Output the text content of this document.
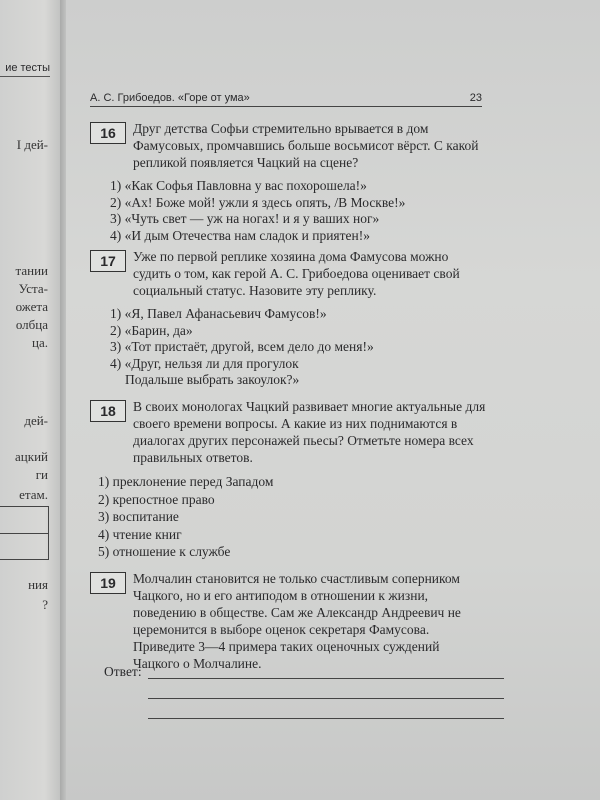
ие тесты
I дей-
тании
Уста-
ожета
олбца
ца.
дей-
ацкий
ги
етам.
ния
?
А. С. Грибоедов. «Горе от ума»	23
16	Друг детства Софьи стремительно врывается в дом Фамусовых, промчавшись больше восьмисот вёрст. С какой репликой появляется Чацкий на сцене?
1) «Как Софья Павловна у вас похорошела!»
2) «Ах! Боже мой! ужли я здесь опять, /В Москве!»
3) «Чуть свет — уж на ногах! и я у ваших ног»
4) «И дым Отечества нам сладок и приятен!»
17	Уже по первой реплике хозяина дома Фамусова можно судить о том, как герой А. С. Грибоедова оценивает свой социальный статус. Назовите эту реплику.
1) «Я, Павел Афанасьевич Фамусов!»
2) «Барин, да»
3) «Тот пристаёт, другой, всем дело до меня!»
4) «Друг, нельзя ли для прогулок
Подальше выбрать закоулок?»
18	В своих монологах Чацкий развивает многие актуальные для своего времени вопросы. А какие из них поднимаются в диалогах других персонажей пьесы? Отметьте номера всех правильных ответов.
1) преклонение перед Западом
2) крепостное право
3) воспитание
4) чтение книг
5) отношение к службе
19	Молчалин становится не только счастливым соперником Чацкого, но и его антиподом в отношении к жизни, поведению в обществе. Сам же Александр Андреевич не церемонится в выборе оценок секретаря Фамусова. Приведите 3—4 примера таких оценочных суждений Чацкого о Молчалине.
Ответ:
